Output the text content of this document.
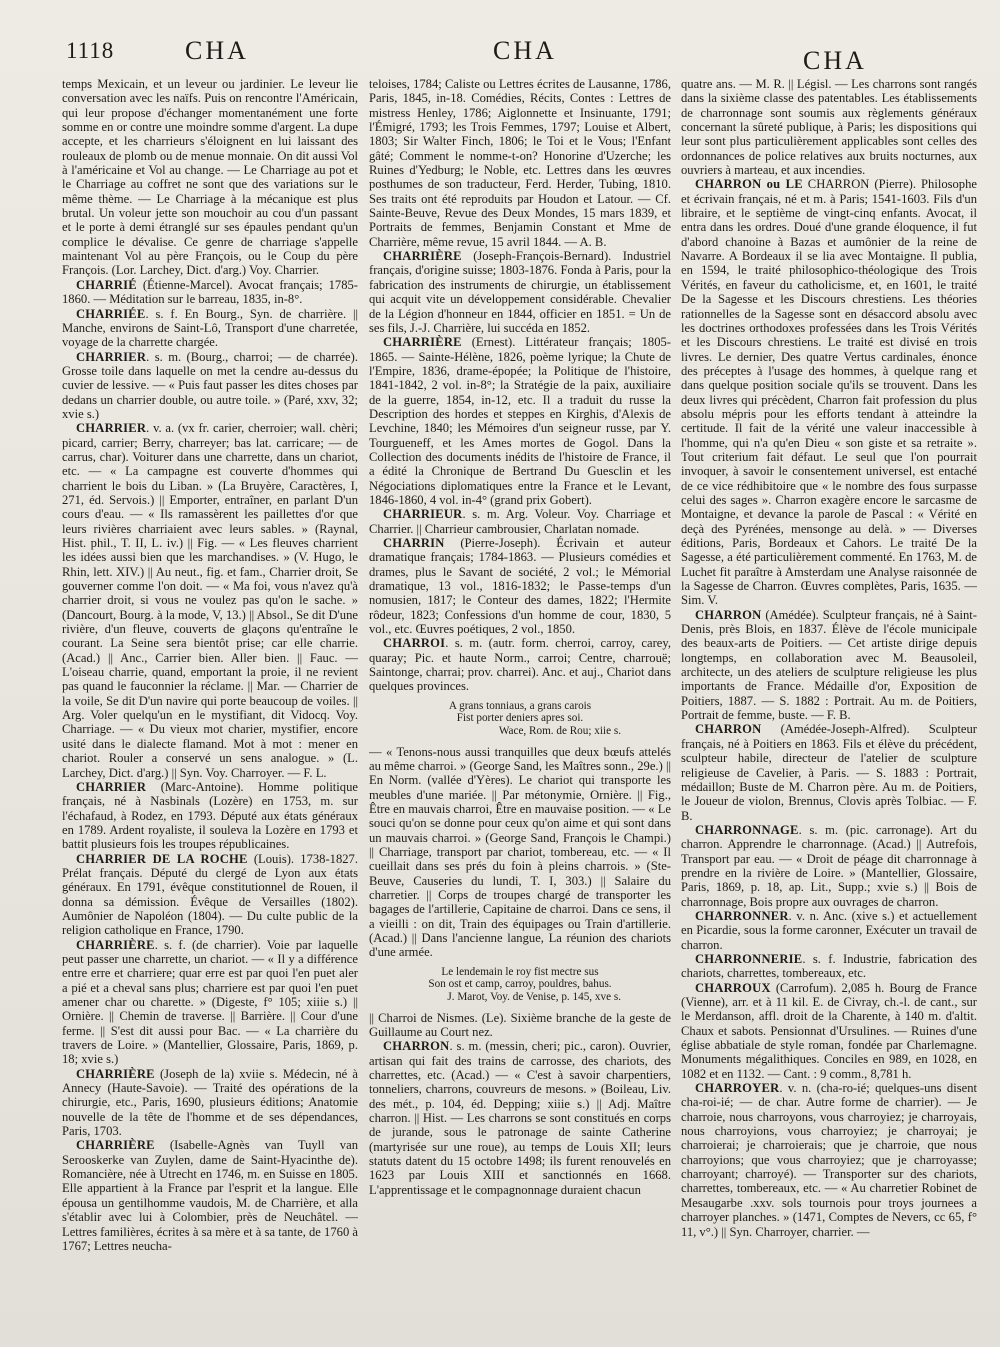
1118	CHA	CHA	CHA

temps Mexicain, et un leveur ou jardinier. Le leveur lie conversation avec les naïfs. Puis on rencontre l'Américain, qui leur propose d'échanger momentanément une forte somme en or contre une moindre somme d'argent. La dupe accepte, et les charrieurs s'éloignent en lui laissant des rouleaux de plomb ou de menue monnaie. On dit aussi Vol à l'américaine et Vol au change. — Le Charriage au pot et le Charriage au coffret ne sont que des variations sur le même thème. — Le Charriage à la mécanique est plus brutal. Un voleur jette son mouchoir au cou d'un passant et le porte à demi étranglé sur ses épaules pendant qu'un complice le dévalise. Ce genre de charriage s'appelle maintenant Vol au père François, ou le Coup du père François. (Lor. Larchey, Dict. d'arg.) Voy. Charrier.

CHARRIÉ (Étienne-Marcel). Avocat français; 1785-1860. — Méditation sur le barreau, 1835, in-8°.

CHARRIÉE. s. f. En Bourg., Syn. de charrière. || Manche, environs de Saint-Lô, Transport d'une charretée, voyage de la charrette chargée.

CHARRIER. s. m. (Bourg., charroi; — de charrée). Grosse toile dans laquelle on met la cendre au-dessus du cuvier de lessive. — « Puis faut passer les dites choses par dedans un charrier double, ou autre toile. » (Paré, xxv, 32; xvie s.)

CHARRIER. v. a. (vx fr. carier, cherroier; wall. chèri; picard, carrier; Berry, charreyer; bas lat. carricare; — de carrus, char). Voiturer dans une charrette, dans un chariot, etc. — « La campagne est couverte d'hommes qui charrient le bois du Liban. » (La Bruyère, Caractères, I, 271, éd. Servois.) || Emporter, entraîner, en parlant D'un cours d'eau. — « Ils ramassèrent les paillettes d'or que leurs rivières charriaient avec leurs sables. » (Raynal, Hist. phil., T. II, L. iv.) || Fig. — « Les fleuves charrient les idées aussi bien que les marchandises. » (V. Hugo, le Rhin, lett. XIV.) || Au neut., fig. et fam., Charrier droit, Se gouverner comme l'on doit. — « Ma foi, vous n'avez qu'à charrier droit, si vous ne voulez pas qu'on le sache. » (Dancourt, Bourg. à la mode, V, 13.) || Absol., Se dit D'une rivière, d'un fleuve, couverts de glaçons qu'entraîne le courant. La Seine sera bientôt prise; car elle charrie. (Acad.) || Anc., Carrier bien. Aller bien. || Fauc. — L'oiseau charrie, quand, emportant la proie, il ne revient pas quand le fauconnier la réclame. || Mar. — Charrier de la voile, Se dit D'un navire qui porte beaucoup de voiles. || Arg. Voler quelqu'un en le mystifiant, dit Vidocq. Voy. Charriage. — « Du vieux mot charier, mystifier, encore usité dans le dialecte flamand. Mot à mot : mener en chariot. Rouler a conservé un sens analogue. » (L. Larchey, Dict. d'arg.) || Syn. Voy. Charroyer. — F. L.

CHARRIER (Marc-Antoine). Homme politique français, né à Nasbinals (Lozère) en 1753, m. sur l'échafaud, à Rodez, en 1793. Député aux états généraux en 1789. Ardent royaliste, il souleva la Lozère en 1793 et battit plusieurs fois les troupes républicaines.

CHARRIER DE LA ROCHE (Louis). 1738-1827. Prélat français. Député du clergé de Lyon aux états généraux. En 1791, évêque constitutionnel de Rouen, il donna sa démission. Évêque de Versailles (1802). Aumônier de Napoléon (1804). — Du culte public de la religion catholique en France, 1790.

CHARRIÈRE. s. f. (de charrier). Voie par laquelle peut passer une charrette, un chariot. — « Il y a différence entre erre et charriere; quar erre est par quoi l'en puet aler a pié et a cheval sans plus; charriere est par quoi l'en puet amener char ou charette. » (Digeste, f° 105; xiiie s.) || Ornière. || Chemin de traverse. || Barrière. || Cour d'une ferme. || S'est dit aussi pour Bac. — « La charrière du travers de Loire. » (Mantellier, Glossaire, Paris, 1869, p. 18; xvie s.)

CHARRIÈRE (Joseph de la) xviie s. Médecin, né à Annecy (Haute-Savoie). — Traité des opérations de la chirurgie, etc., Paris, 1690, plusieurs éditions; Anatomie nouvelle de la tête de l'homme et de ses dépendances, Paris, 1703.

CHARRIÈRE (Isabelle-Agnès van Tuyll van Serooskerke van Zuylen, dame de Saint-Hyacinthe de). Romancière, née à Utrecht en 1746, m. en Suisse en 1805. Elle appartient à la France par l'esprit et la langue. Elle épousa un gentilhomme vaudois, M. de Charrière, et alla s'établir avec lui à Colombier, près de Neuchâtel. — Lettres familières, écrites à sa mère et à sa tante, de 1760 à 1767; Lettres neucha-

teloises, 1784; Caliste ou Lettres écrites de Lausanne, 1786, Paris, 1845, in-18. Comédies, Récits, Contes : Lettres de mistress Henley, 1786; Aiglonnette et Insinuante, 1791; l'Émigré, 1793; les Trois Femmes, 1797; Louise et Albert, 1803; Sir Walter Finch, 1806; le Toi et le Vous; l'Enfant gâté; Comment le nomme-t-on? Honorine d'Uzerche; les Ruines d'Yedburg; le Noble, etc. Lettres dans les œuvres posthumes de son traducteur, Ferd. Herder, Tubing, 1810. Ses traits ont été reproduits par Houdon et Latour. — Cf. Sainte-Beuve, Revue des Deux Mondes, 15 mars 1839, et Portraits de femmes, Benjamin Constant et Mme de Charrière, même revue, 15 avril 1844. — A. B.

CHARRIÈRE (Joseph-François-Bernard). Industriel français, d'origine suisse; 1803-1876. Fonda à Paris, pour la fabrication des instruments de chirurgie, un établissement qui acquit vite un développement considérable. Chevalier de la Légion d'honneur en 1844, officier en 1851. = Un de ses fils, J.-J. Charrière, lui succéda en 1852.

CHARRIÈRE (Ernest). Littérateur français; 1805-1865. — Sainte-Hélène, 1826, poème lyrique; la Chute de l'Empire, 1836, drame-épopée; la Politique de l'histoire, 1841-1842, 2 vol. in-8°; la Stratégie de la paix, auxiliaire de la guerre, 1854, in-12, etc. Il a traduit du russe la Description des hordes et steppes en Kirghis, d'Alexis de Levchine, 1840; les Mémoires d'un seigneur russe, par Y. Tourgueneff, et les Ames mortes de Gogol. Dans la Collection des documents inédits de l'histoire de France, il a édité la Chronique de Bertrand Du Guesclin et les Négociations diplomatiques entre la France et le Levant, 1846-1860, 4 vol. in-4° (grand prix Gobert).

CHARRIEUR. s. m. Arg. Voleur. Voy. Charriage et Charrier. || Charrieur cambrousier, Charlatan nomade.

CHARRIN (Pierre-Joseph). Écrivain et auteur dramatique français; 1784-1863. — Plusieurs comédies et drames, plus le Savant de société, 2 vol.; le Mémorial dramatique, 13 vol., 1816-1832; le Passe-temps d'un nomusien, 1817; le Conteur des dames, 1822; l'Hermite rôdeur, 1823; Confessions d'un homme de cour, 1830, 5 vol., etc. Œuvres poétiques, 2 vol., 1850.

CHARROI. s. m. (autr. form. cherroi, carroy, carey, quaray; Pic. et haute Norm., carroi; Centre, charrouë; Saintonge, charrai; prov. charrei). Anc. et auj., Chariot dans quelques provinces.

A grans tonniaus, a grans carois
Fist porter deniers apres soi.
Wace, Rom. de Rou; xiie s.

— « Tenons-nous aussi tranquilles que deux bœufs attelés au même charroi. » (George Sand, les Maîtres sonn., 29e.) || En Norm. (vallée d'Yères). Le chariot qui transporte les meubles d'une mariée. || Par métonymie, Ornière. || Fig., Être en mauvais charroi, Être en mauvaise position. — « Le souci qu'on se donne pour ceux qu'on aime et qui sont dans un mauvais charroi. » (George Sand, François le Champi.) || Charriage, transport par chariot, tombereau, etc. — « Il cueillait dans ses prés du foin à pleins charrois. » (Ste-Beuve, Causeries du lundi, T. I, 303.) || Salaire du charretier. || Corps de troupes chargé de transporter les bagages de l'artillerie, Capitaine de charroi. Dans ce sens, il a vieilli : on dit, Train des équipages ou Train d'artillerie. (Acad.) || Dans l'ancienne langue, La réunion des chariots d'une armée.

Le lendemain le roy fist mectre sus
Son ost et camp, carroy, pouldres, bahus.
J. Marot, Voy. de Venise, p. 145, xve s.

|| Charroi de Nismes. (Le). Sixième branche de la geste de Guillaume au Court nez.

CHARRON. s. m. (messin, cheri; pic., caron). Ouvrier, artisan qui fait des trains de carrosse, des chariots, des charrettes, etc. (Acad.) — « C'est à savoir charpentiers, tonneliers, charrons, couvreurs de mesons. » (Boileau, Liv. des mét., p. 104, éd. Depping; xiiie s.) || Adj. Maître charron. || Hist. — Les charrons se sont constitués en corps de jurande, sous le patronage de sainte Catherine (martyrisée sur une roue), au temps de Louis XII; leurs statuts datent du 15 octobre 1498; ils furent renouvelés en 1623 par Louis XIII et sanctionnés en 1668. L'apprentissage et le compagnonnage duraient chacun

quatre ans. — M. R. || Législ. — Les charrons sont rangés dans la sixième classe des patentables. Les établissements de charronnage sont soumis aux règlements généraux concernant la sûreté publique, à Paris; les dispositions qui leur sont plus particulièrement applicables sont celles des ordonnances de police relatives aux bruits nocturnes, aux ouvriers à marteau, et aux incendies.

CHARRON ou LE CHARRON (Pierre). Philosophe et écrivain français, né et m. à Paris; 1541-1603. Fils d'un libraire, et le septième de vingt-cinq enfants. Avocat, il entra dans les ordres. Doué d'une grande éloquence, il fut d'abord chanoine à Bazas et aumônier de la reine de Navarre. A Bordeaux il se lia avec Montaigne. Il publia, en 1594, le traité philosophico-théologique des Trois Vérités, en faveur du catholicisme, et, en 1601, le traité De la Sagesse et les Discours chrestiens. Les théories rationnelles de la Sagesse sont en désaccord absolu avec les doctrines orthodoxes professées dans les Trois Vérités et les Discours chrestiens. Le traité est divisé en trois livres. Le dernier, Des quatre Vertus cardinales, énonce des préceptes à l'usage des hommes, à quelque rang et dans quelque position sociale qu'ils se trouvent. Dans les deux livres qui précèdent, Charron fait profession du plus absolu mépris pour les efforts tendant à atteindre la certitude. Il fait de la vérité une valeur inaccessible à l'homme, qui n'a qu'en Dieu « son giste et sa retraite ». Tout criterium fait défaut. Le seul que l'on pourrait invoquer, à savoir le consentement universel, est entaché de ce vice rédhibitoire que « le nombre des fous surpasse celui des sages ». Charron exagère encore le sarcasme de Montaigne, et devance la parole de Pascal : « Vérité en deçà des Pyrénées, mensonge au delà. » — Diverses éditions, Paris, Bordeaux et Cahors. Le traité De la Sagesse, a été particulièrement commenté. En 1763, M. de Luchet fit paraître à Amsterdam une Analyse raisonnée de la Sagesse de Charron. Œuvres complètes, Paris, 1635. — Sim. V.

CHARRON (Amédée). Sculpteur français, né à Saint-Denis, près Blois, en 1837. Élève de l'école municipale des beaux-arts de Poitiers. — Cet artiste dirige depuis longtemps, en collaboration avec M. Beausoleil, architecte, un des ateliers de sculpture religieuse les plus importants de France. Médaille d'or, Exposition de Poitiers, 1887. — S. 1882 : Portrait. Au m. de Poitiers, Portrait de femme, buste. — F. B.

CHARRON (Amédée-Joseph-Alfred). Sculpteur français, né à Poitiers en 1863. Fils et élève du précédent, sculpteur habile, directeur de l'atelier de sculpture religieuse de Cavelier, à Paris. — S. 1883 : Portrait, médaillon; Buste de M. Charron père. Au m. de Poitiers, le Joueur de violon, Brennus, Clovis après Tolbiac. — F. B.

CHARRONNAGE. s. m. (pic. carronage). Art du charron. Apprendre le charronnage. (Acad.) || Autrefois, Transport par eau. — « Droit de péage dit charronnage à prendre en la rivière de Loire. » (Mantellier, Glossaire, Paris, 1869, p. 18, ap. Lit., Supp.; xvie s.) || Bois de charronnage, Bois propre aux ouvrages de charron.

CHARRONNER. v. n. Anc. (xive s.) et actuellement en Picardie, sous la forme caronner, Exécuter un travail de charron.

CHARRONNERIE. s. f. Industrie, fabrication des chariots, charrettes, tombereaux, etc.

CHARROUX (Carrofum). 2,085 h. Bourg de France (Vienne), arr. et à 11 kil. E. de Civray, ch.-l. de cant., sur le Merdanson, affl. droit de la Charente, à 140 m. d'altit. Chaux et sabots. Pensionnat d'Ursulines. — Ruines d'une église abbatiale de style roman, fondée par Charlemagne. Monuments mégalithiques. Conciles en 989, en 1028, en 1082 et en 1132. — Cant. : 9 comm., 8,781 h.

CHARROYER. v. n. (cha-ro-ié; quelques-uns disent cha-roi-ié; — de char. Autre forme de charrier). — Je charroie, nous charroyons, vous charroyiez; je charroyais, nous charroyions, vous charroyiez; je charroyai; je charroierai; je charroierais; que je charroie, que nous charroyions; que vous charroyiez; que je charroyasse; charroyant; charroyé). — Transporter sur des chariots, charrettes, tombereaux, etc. — « Au charretier Robinet de Mesaugarbe .xxv. sols tournois pour troys journees a charroyer planches. » (1471, Comptes de Nevers, cc 65, f° 11, v°.) || Syn. Charroyer, charrier. —
